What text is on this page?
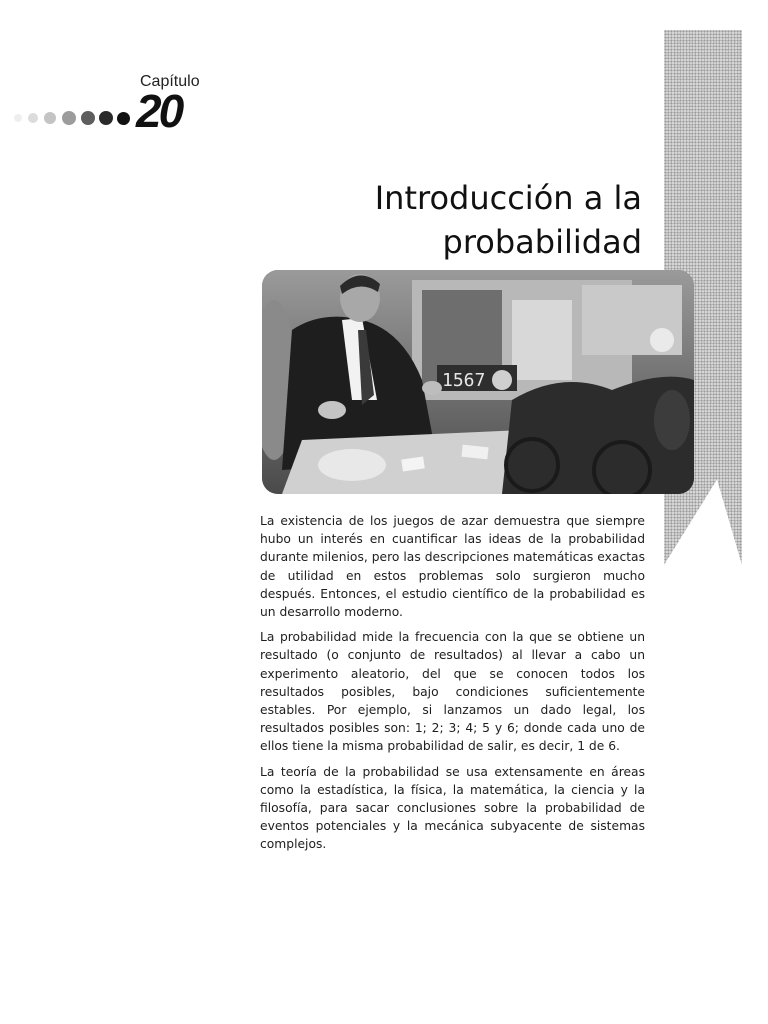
Capítulo
20
Introducción a la
probabilidad
1567

La existencia de los juegos de azar demuestra que siempre hubo un interés en cuantificar las ideas de la probabilidad durante milenios, pero las descripciones matemáticas exactas de utilidad en estos problemas solo surgieron mucho después. Entonces, el estudio científico de la probabilidad es un desarrollo moderno.

La probabilidad mide la frecuencia con la que se obtiene un resultado (o conjunto de resultados) al llevar a cabo un experimento aleatorio, del que se conocen todos los resultados posibles, bajo condiciones suficientemente estables. Por ejemplo, si lanzamos un dado legal, los resultados posibles son: 1; 2; 3; 4; 5 y 6; donde cada uno de ellos tiene la misma probabilidad de salir, es decir, 1 de 6.

La teoría de la probabilidad se usa extensamente en áreas como la estadística, la física, la matemática, la ciencia y la filosofía, para sacar conclusiones sobre la probabilidad de eventos potenciales y la mecánica subyacente de sistemas complejos.
